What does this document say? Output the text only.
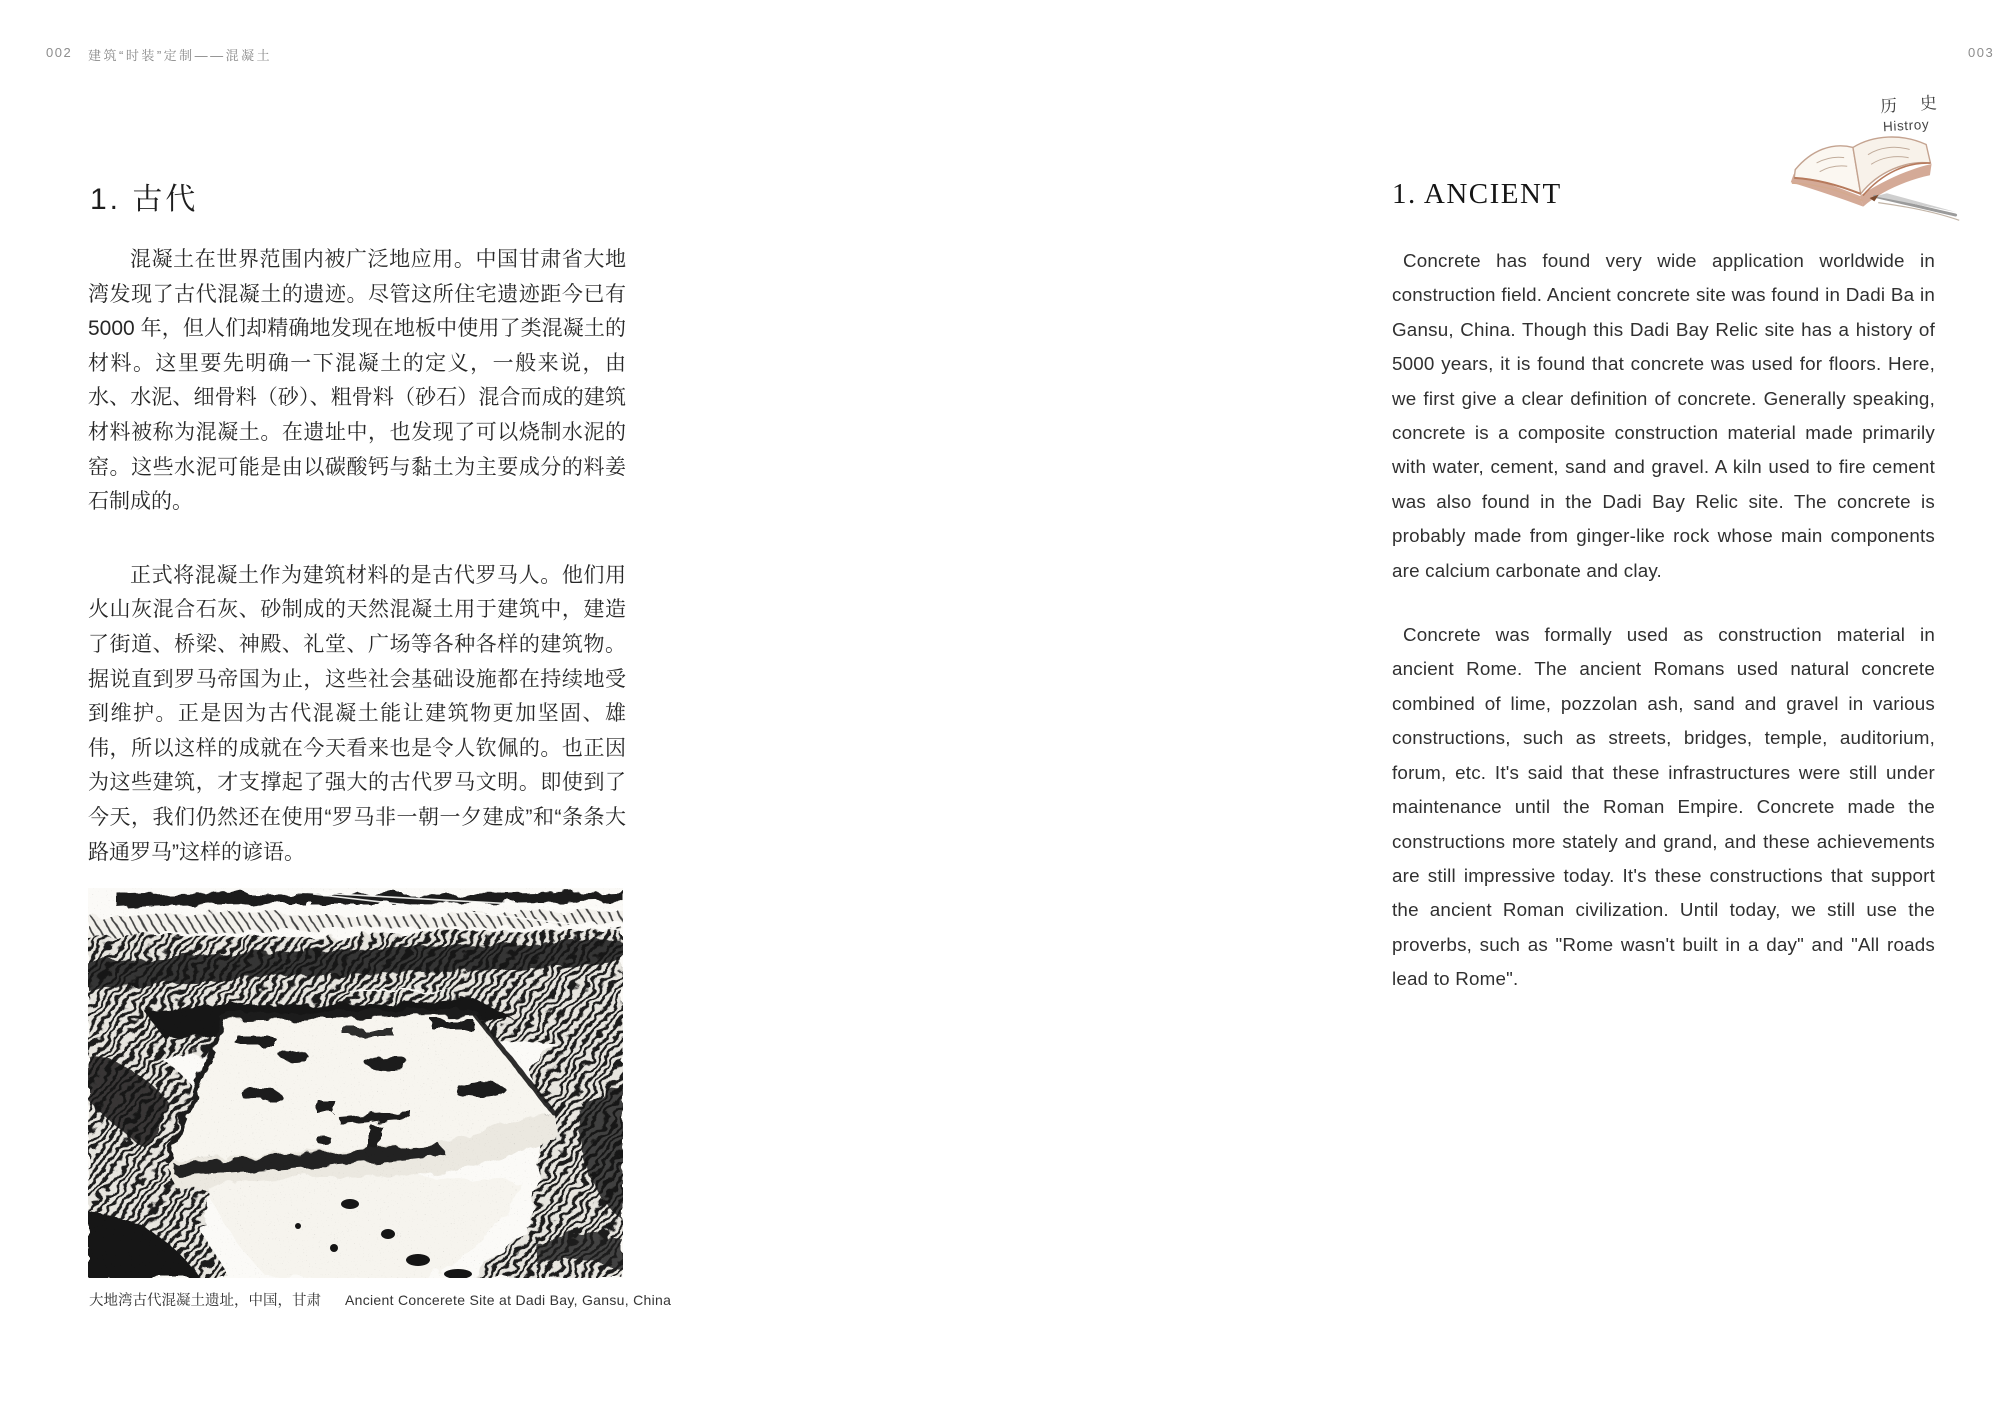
002 建筑“时装”定制——混凝土	003
1. 古代

混凝土在世界范围内被广泛地应用。中国甘肃省大地湾发现了古代混凝土的遗迹。尽管这所住宅遗迹距今已有 5000 年，但人们却精确地发现在地板中使用了类混凝土的材料。这里要先明确一下混凝土的定义，一般来说，由水、水泥、细骨料（砂）、粗骨料（砂石）混合而成的建筑材料被称为混凝土。在遗址中，也发现了可以烧制水泥的窑。这些水泥可能是由以碳酸钙与黏土为主要成分的料姜石制成的。

正式将混凝土作为建筑材料的是古代罗马人。他们用火山灰混合石灰、砂制成的天然混凝土用于建筑中，建造了街道、桥梁、神殿、礼堂、广场等各种各样的建筑物。据说直到罗马帝国为止，这些社会基础设施都在持续地受到维护。正是因为古代混凝土能让建筑物更加坚固、雄伟，所以这样的成就在今天看来也是令人钦佩的。也正因为这些建筑，才支撑起了强大的古代罗马文明。即使到了今天，我们仍然还在使用“罗马非一朝一夕建成”和“条条大路通罗马”这样的谚语。

大地湾古代混凝土遗址，中国，甘肃 Ancient Concerete Site at Dadi Bay, Gansu, China
历 史
Histroy
1. ANCIENT

Concrete has found very wide application worldwide in construction field. Ancient concrete site was found in Dadi Ba in Gansu, China. Though this Dadi Bay Relic site has a history of 5000 years, it is found that concrete was used for floors. Here, we first give a clear definition of concrete. Generally speaking, concrete is a composite construction material made primarily with water, cement, sand and gravel. A kiln used to fire cement was also found in the Dadi Bay Relic site. The concrete is probably made from ginger-like rock whose main components are calcium carbonate and clay.

Concrete was formally used as construction material in ancient Rome. The ancient Romans used natural concrete combined of lime, pozzolan ash, sand and gravel in various constructions, such as streets, bridges, temple, auditorium, forum, etc. It's said that these infrastructures were still under maintenance until the Roman Empire. Concrete made the constructions more stately and grand, and these achievements are still impressive today. It's these constructions that support the ancient Roman civilization. Until today, we still use the proverbs, such as "Rome wasn't built in a day" and "All roads lead to Rome".
